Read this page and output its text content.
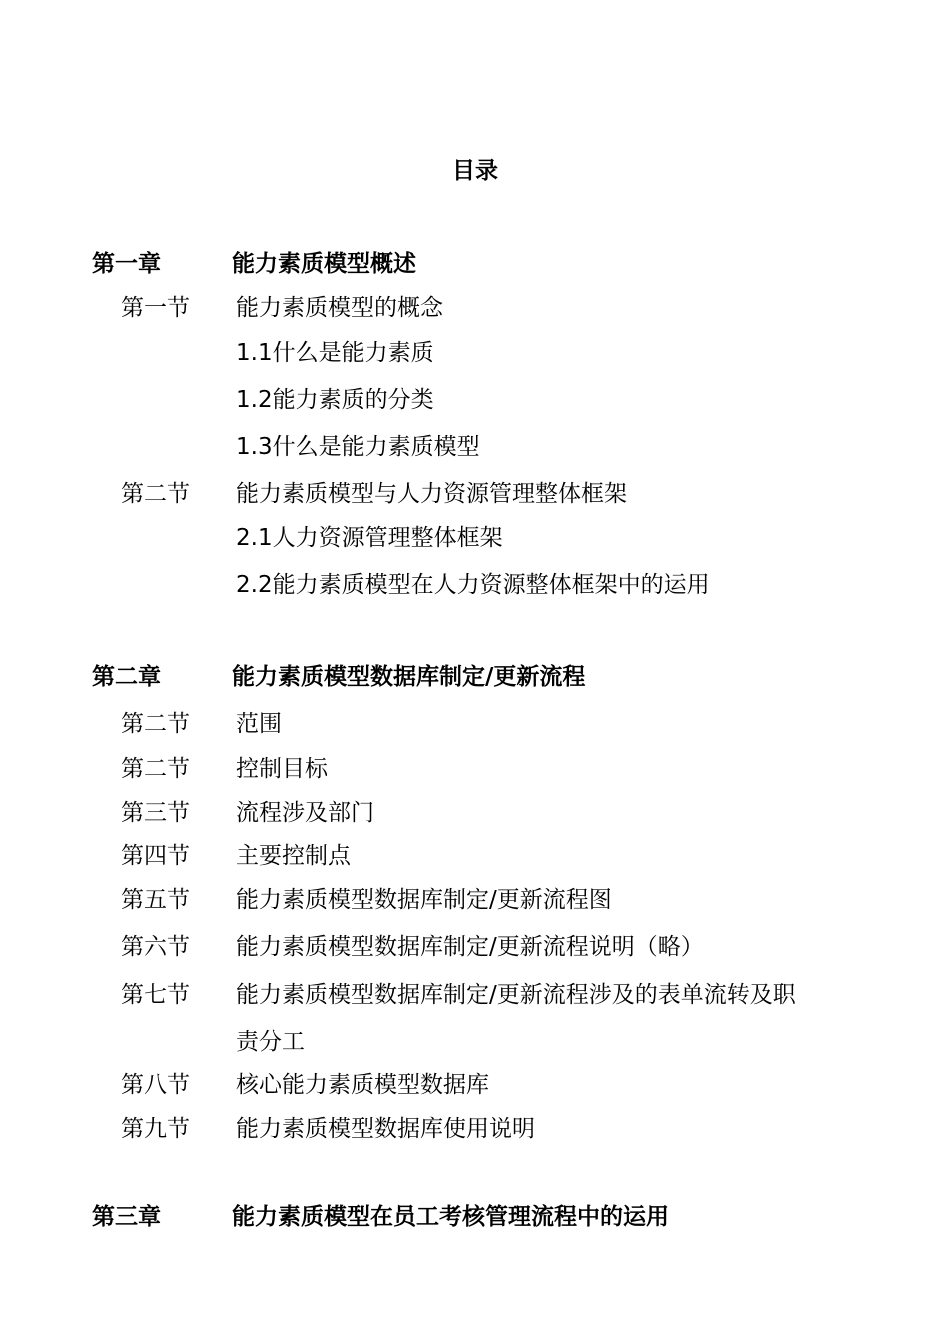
目录
第一章	能力素质模型概述
第一节 能力素质模型的概念
1.1什么是能力素质
1.2能力素质的分类
1.3什么是能力素质模型
第二节 能力素质模型与人力资源管理整体框架
2.1人力资源管理整体框架
2.2能力素质模型在人力资源整体框架中的运用
第二章	能力素质模型数据库制定/更新流程
第二节 范围
第二节 控制目标
第三节 流程涉及部门
第四节 主要控制点
第五节 能力素质模型数据库制定/更新流程图
第六节 能力素质模型数据库制定/更新流程说明（略）
第七节 能力素质模型数据库制定/更新流程涉及的表单流转及职
责分工
第八节 核心能力素质模型数据库
第九节 能力素质模型数据库使用说明
第三章	能力素质模型在员工考核管理流程中的运用
